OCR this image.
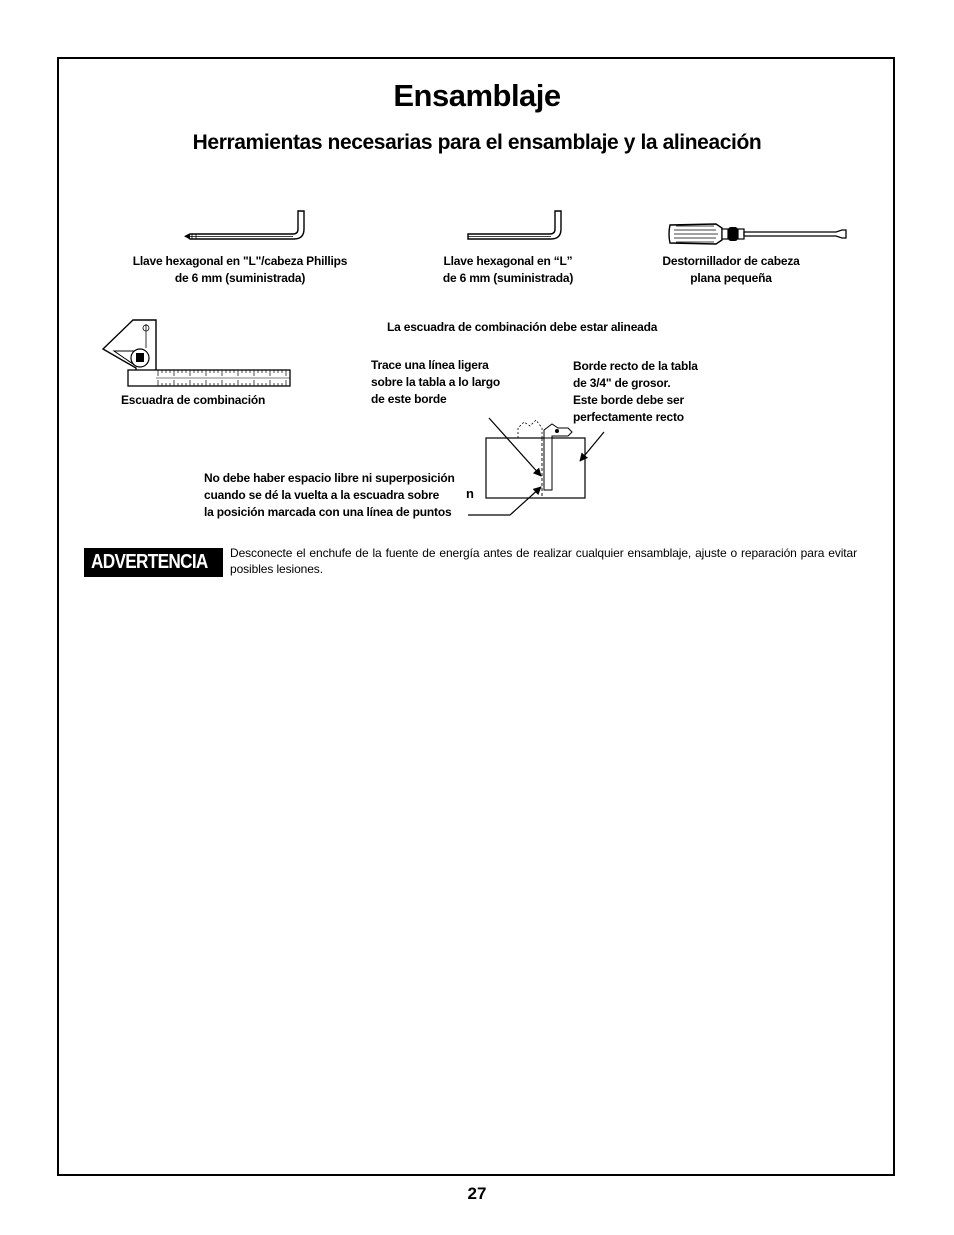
Ensamblaje
Herramientas necesarias para el ensamblaje y la alineación
Llave hexagonal en "L"/cabeza Phillips
de 6 mm (suministrada)
Llave hexagonal en “L”
de 6 mm (suministrada)
Destornillador de cabeza
plana pequeña
Escuadra de combinación
La escuadra de combinación debe estar alineada
Trace una línea ligera
sobre la tabla a lo largo
de este borde
Borde recto de la tabla
de 3/4" de grosor.
Este borde debe ser
perfectamente recto
No debe haber espacio libre ni superposición
cuando se dé la vuelta a la escuadra sobre
la posición marcada con una línea de puntos
n
ADVERTENCIA Desconecte el enchufe de la fuente de energía antes de realizar cualquier ensamblaje, ajuste o reparación para evitar posibles lesiones.
27
